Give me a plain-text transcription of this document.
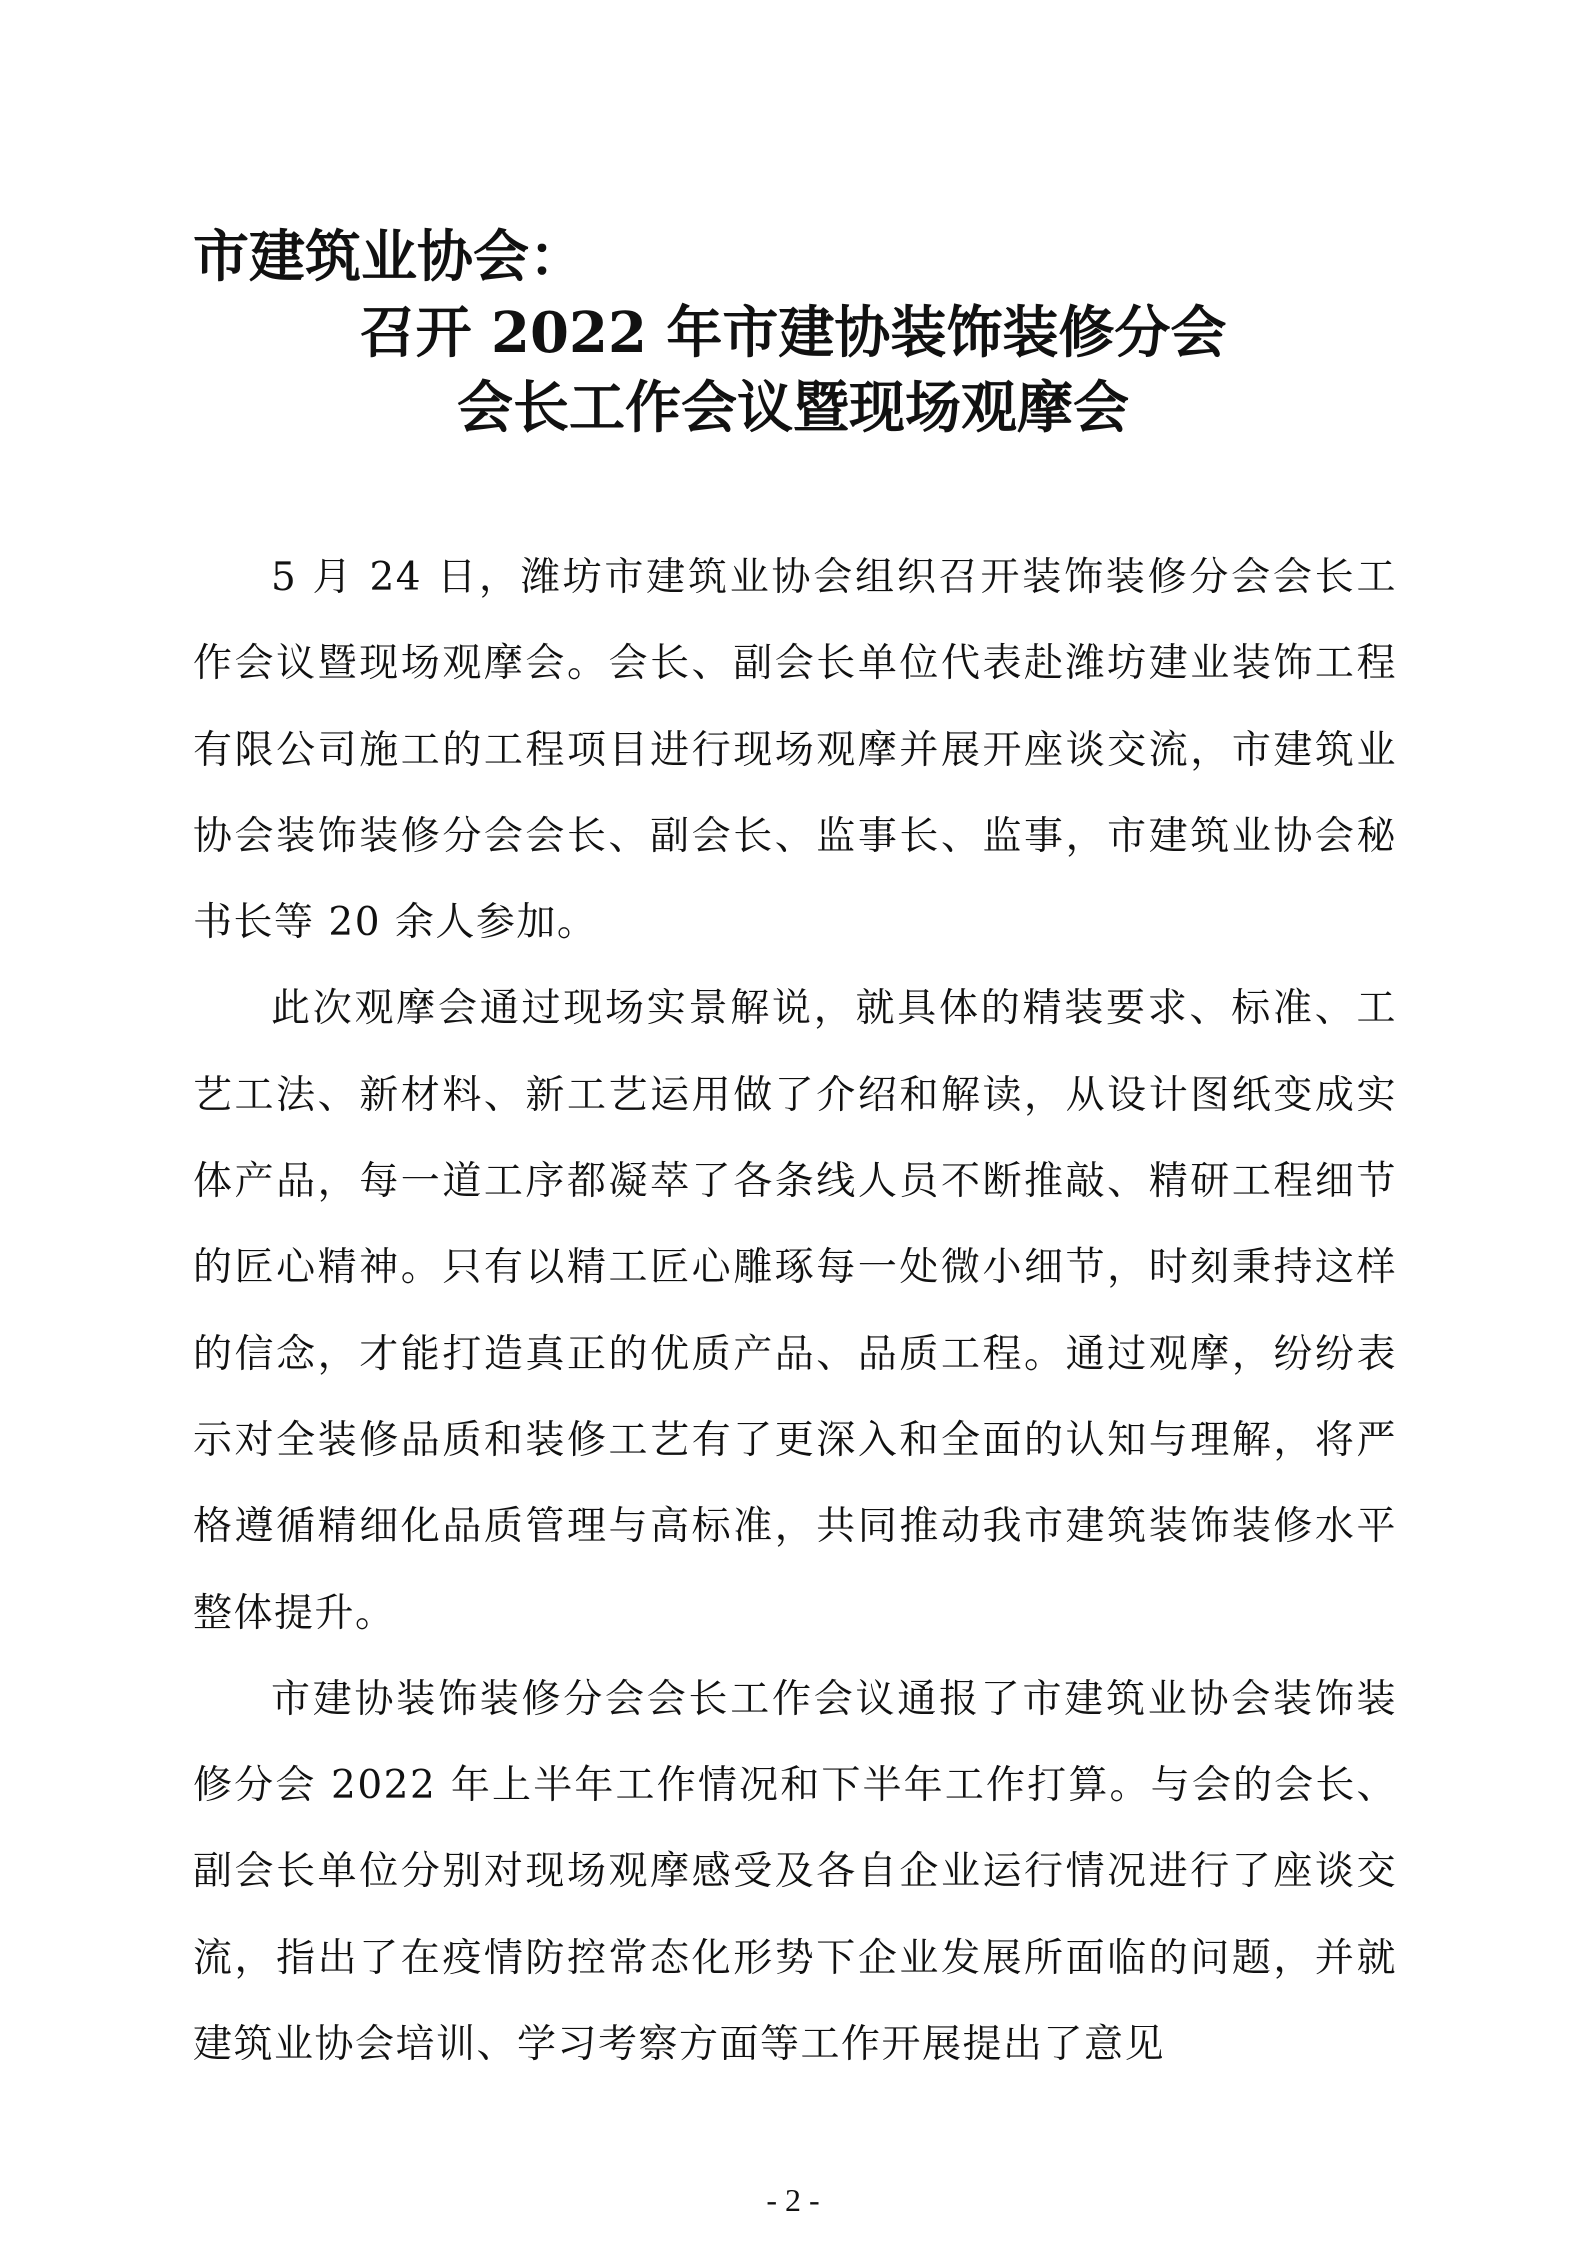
市建筑业协会：
召开 2022 年市建协装饰装修分会
会长工作会议暨现场观摩会

5 月 24 日，潍坊市建筑业协会组织召开装饰装修分会会长工作会议暨现场观摩会。会长、副会长单位代表赴潍坊建业装饰工程有限公司施工的工程项目进行现场观摩并展开座谈交流，市建筑业协会装饰装修分会会长、副会长、监事长、监事，市建筑业协会秘书长等 20 余人参加。

此次观摩会通过现场实景解说，就具体的精装要求、标准、工艺工法、新材料、新工艺运用做了介绍和解读，从设计图纸变成实体产品，每一道工序都凝萃了各条线人员不断推敲、精研工程细节的匠心精神。只有以精工匠心雕琢每一处微小细节，时刻秉持这样的信念，才能打造真正的优质产品、品质工程。通过观摩，纷纷表示对全装修品质和装修工艺有了更深入和全面的认知与理解，将严格遵循精细化品质管理与高标准，共同推动我市建筑装饰装修水平整体提升。

市建协装饰装修分会会长工作会议通报了市建筑业协会装饰装修分会 2022 年上半年工作情况和下半年工作打算。与会的会长、副会长单位分别对现场观摩感受及各自企业运行情况进行了座谈交流，指出了在疫情防控常态化形势下企业发展所面临的问题，并就建筑业协会培训、学习考察方面等工作开展提出了意见

- 2 -
